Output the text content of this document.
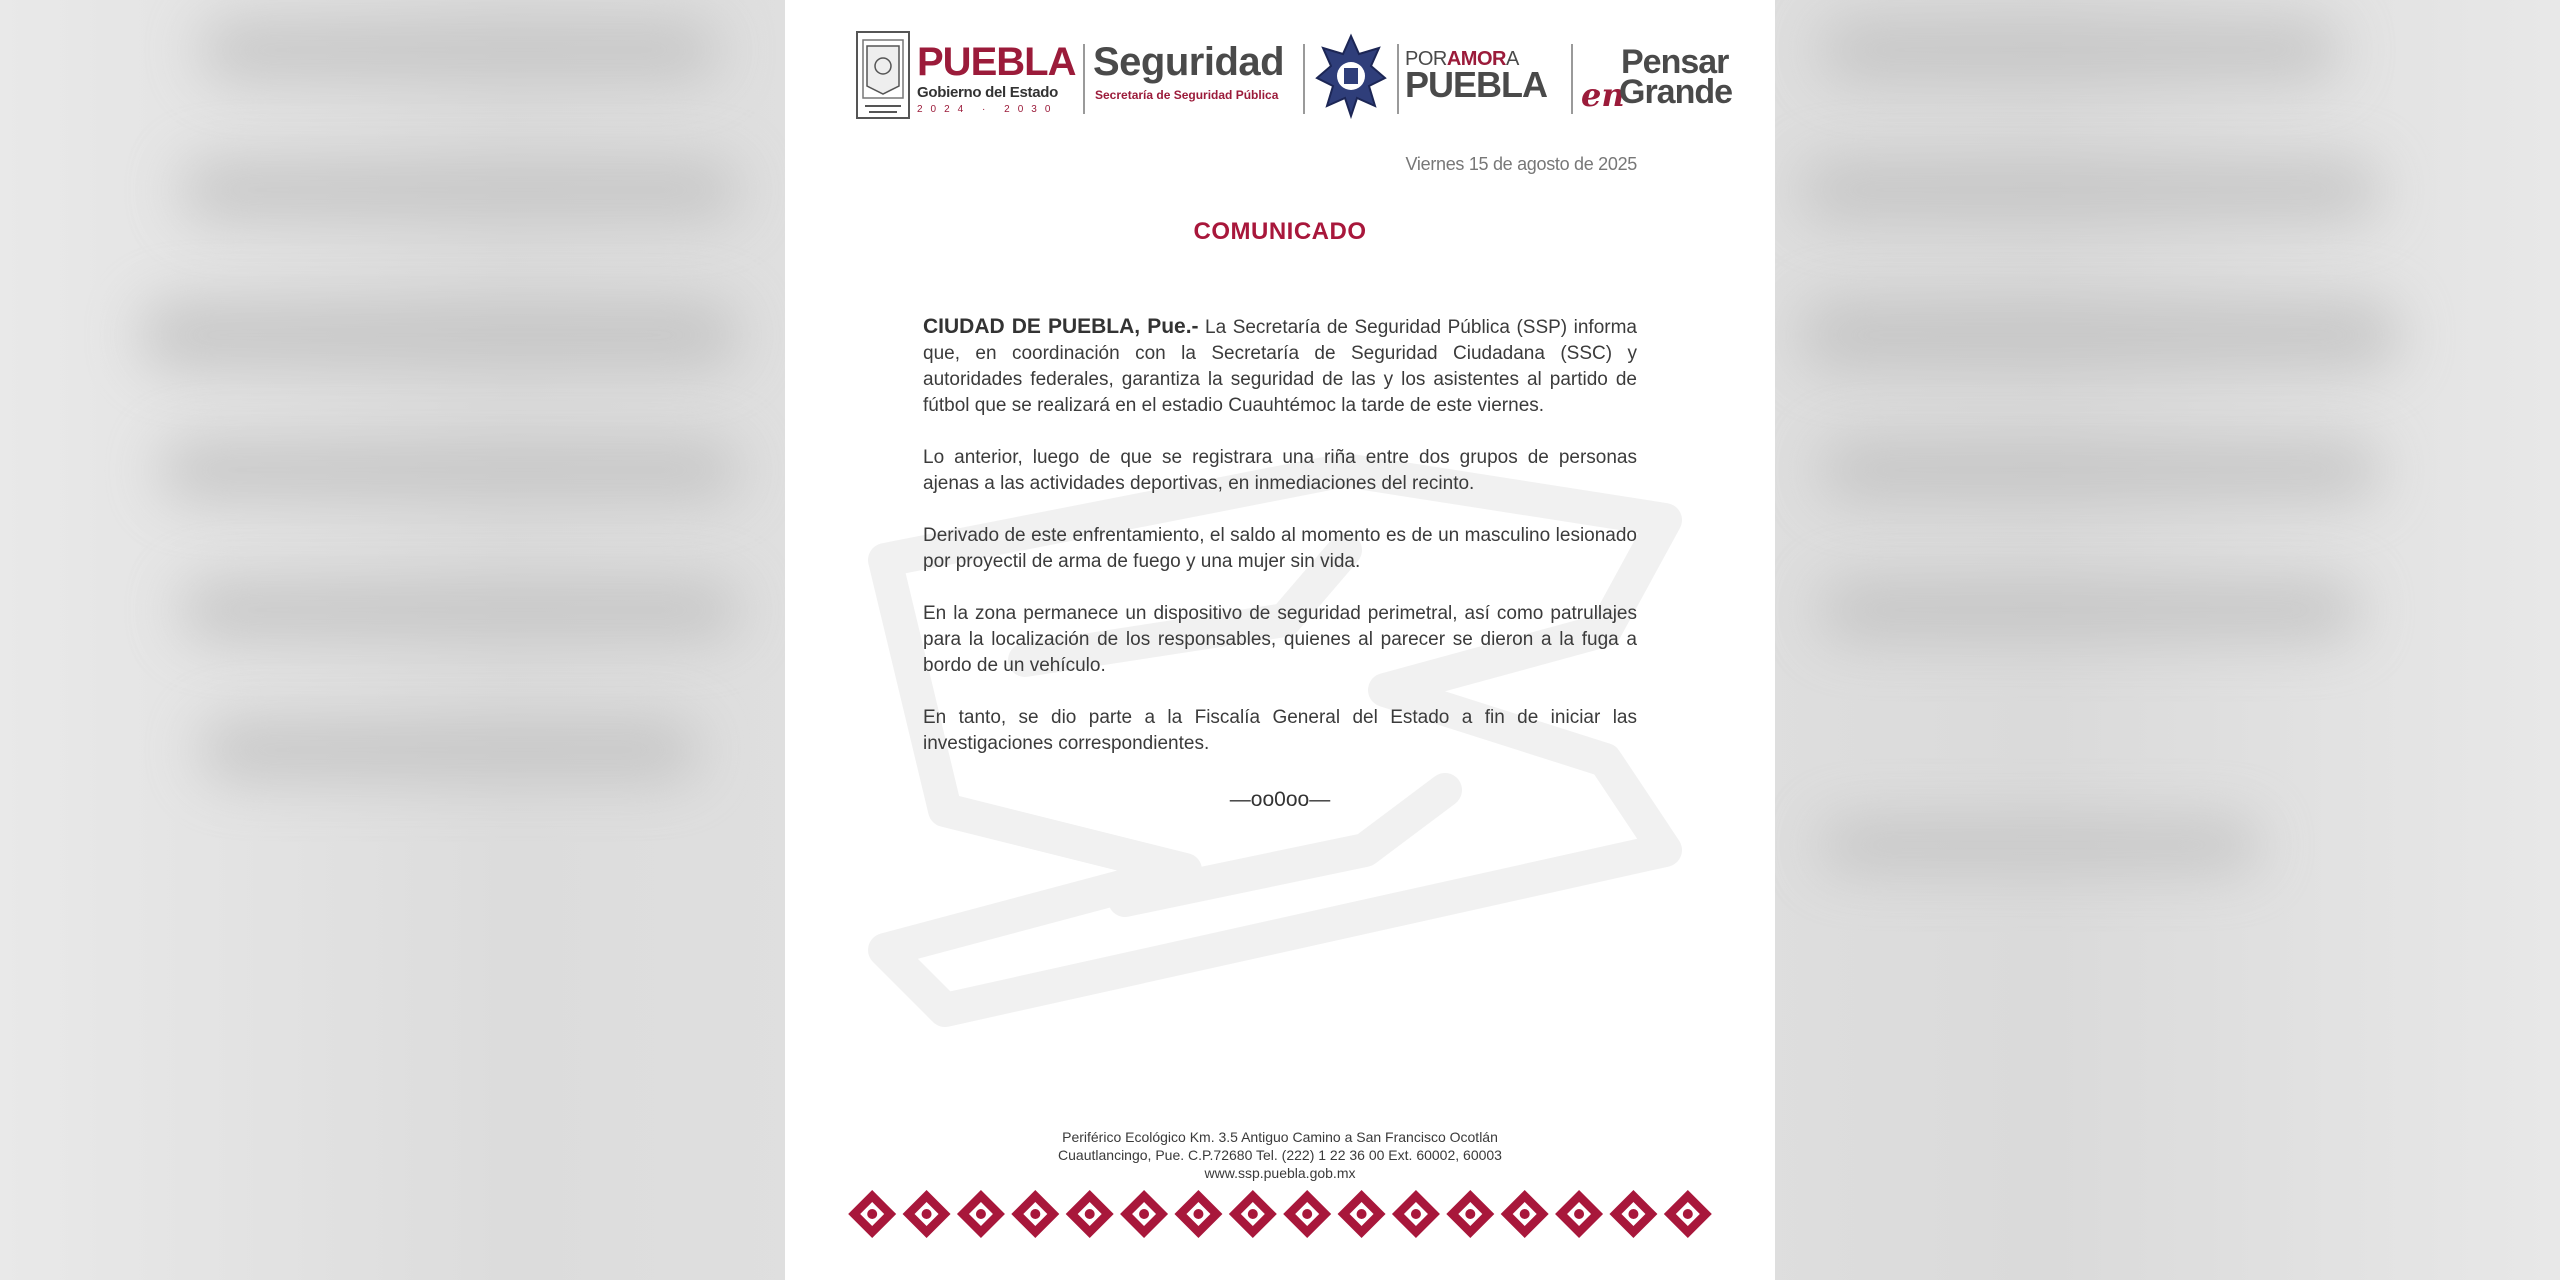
PUEBLA
Gobierno del Estado
2024 · 2030
Seguridad
Secretaría de Seguridad Pública
PORAMORA
PUEBLA
Pensar
en
Grande
Viernes 15 de agosto de 2025
COMUNICADO

CIUDAD DE PUEBLA, Pue.- La Secretaría de Seguridad Pública (SSP) informa que, en coordinación con la Secretaría de Seguridad Ciudadana (SSC) y autoridades federales, garantiza la seguridad de las y los asistentes al partido de fútbol que se realizará en el estadio Cuauhtémoc la tarde de este viernes.

Lo anterior, luego de que se registrara una riña entre dos grupos de personas ajenas a las actividades deportivas, en inmediaciones del recinto.

Derivado de este enfrentamiento, el saldo al momento es de un masculino lesionado por proyectil de arma de fuego y una mujer sin vida.

En la zona permanece un dispositivo de seguridad perimetral, así como patrullajes para la localización de los responsables, quienes al parecer se dieron a la fuga a bordo de un vehículo.

En tanto, se dio parte a la Fiscalía General del Estado a fin de iniciar las investigaciones correspondientes.

—oo0oo—
Periférico Ecológico Km. 3.5 Antiguo Camino a San Francisco Ocotlán
Cuautlancingo, Pue. C.P.72680 Tel. (222) 1 22 36 00 Ext. 60002, 60003
www.ssp.puebla.gob.mx
